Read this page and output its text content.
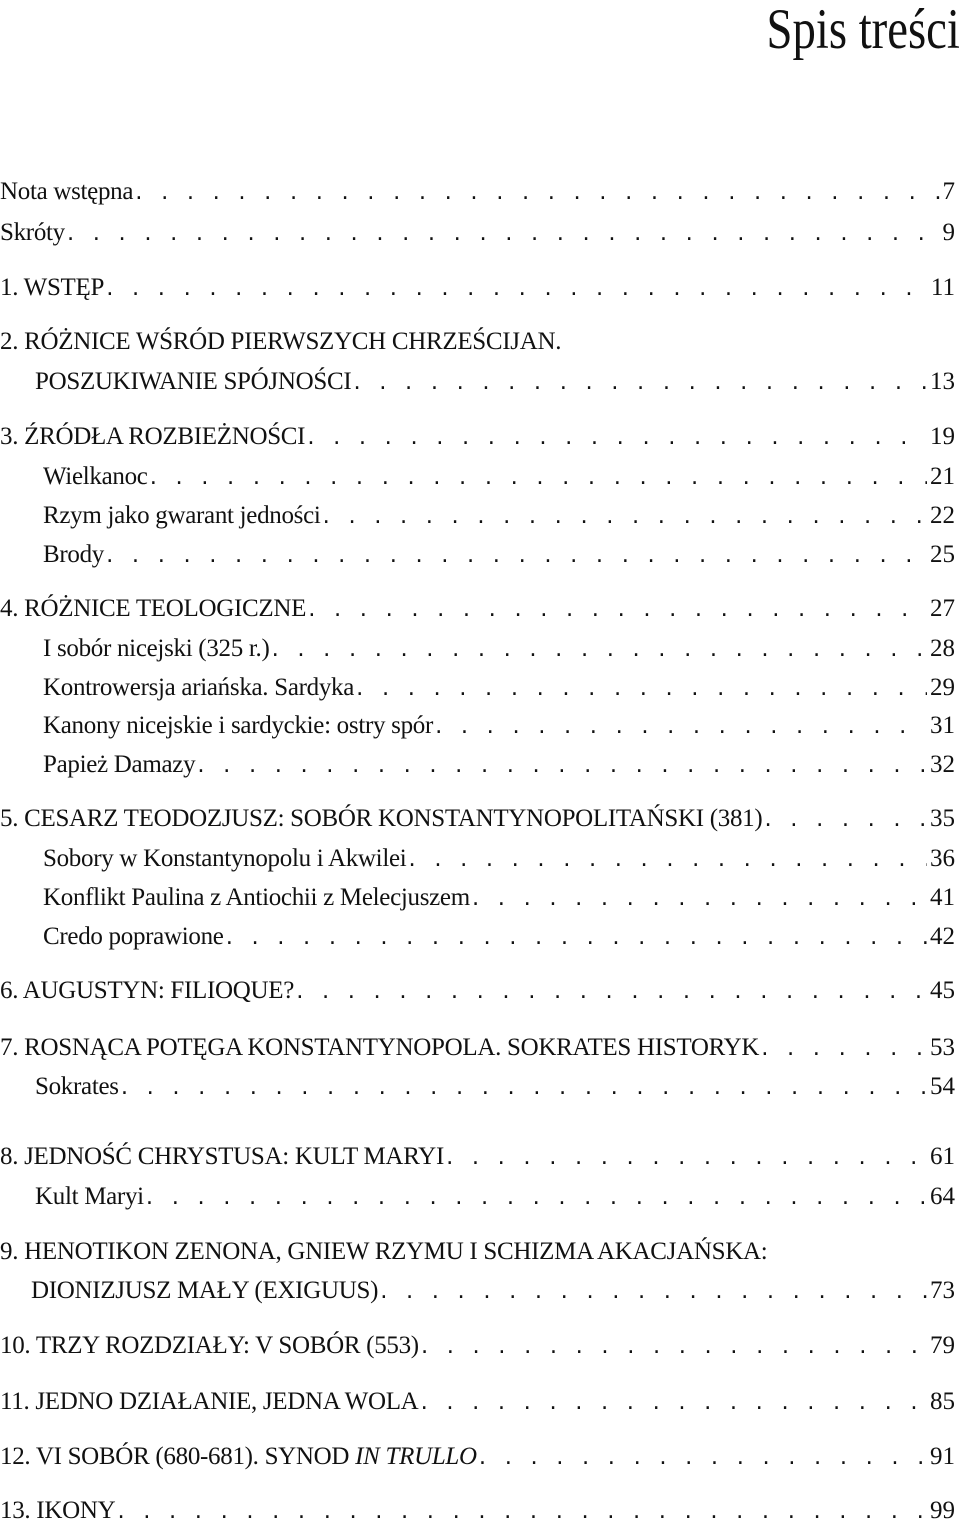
Spis treści
Nota wstępna . . .	7
Skróty . . .	9
1. WSTĘP . . .	11
2. RÓŻNICE WŚRÓD PIERWSZYCH CHRZEŚCIJAN.
POSZUKIWANIE SPÓJNOŚCI . . .	13
3. ŹRÓDŁA ROZBIEŻNOŚCI . . .	19
Wielkanoc . . .	21
Rzym jako gwarant jedności . . .	22
Brody . . .	25
4. RÓŻNICE TEOLOGICZNE . . .	27
I sobór nicejski (325 r.) . . .	28
Kontrowersja ariańska. Sardyka . . .	29
Kanony nicejskie i sardyckie: ostry spór . . .	31
Papież Damazy . . .	32
5. CESARZ TEODOZJUSZ: SOBÓR KONSTANTYNOPOLITAŃSKI (381) . . .	35
Sobory w Konstantynopolu i Akwilei . . .	36
Konflikt Paulina z Antiochii z Melecjuszem . . .	41
Credo poprawione . . .	42
6. AUGUSTYN: FILIOQUE? . . .	45
7. ROSNĄCA POTĘGA KONSTANTYNOPOLA. SOKRATES HISTORYK . . .	53
Sokrates . . .	54
8. JEDNOŚĆ CHRYSTUSA: KULT MARYI . . .	61
Kult Maryi . . .	64
9. HENOTIKON ZENONA, GNIEW RZYMU I SCHIZMA AKACJAŃSKA:
DIONIZJUSZ MAŁY (EXIGUUS) . . .	73
10. TRZY ROZDZIAŁY: V SOBÓR (553) . . .	79
11. JEDNO DZIAŁANIE, JEDNA WOLA . . .	85
12. VI SOBÓR (680-681). SYNOD IN TRULLO . . .	91
13. IKONY . . .	99
